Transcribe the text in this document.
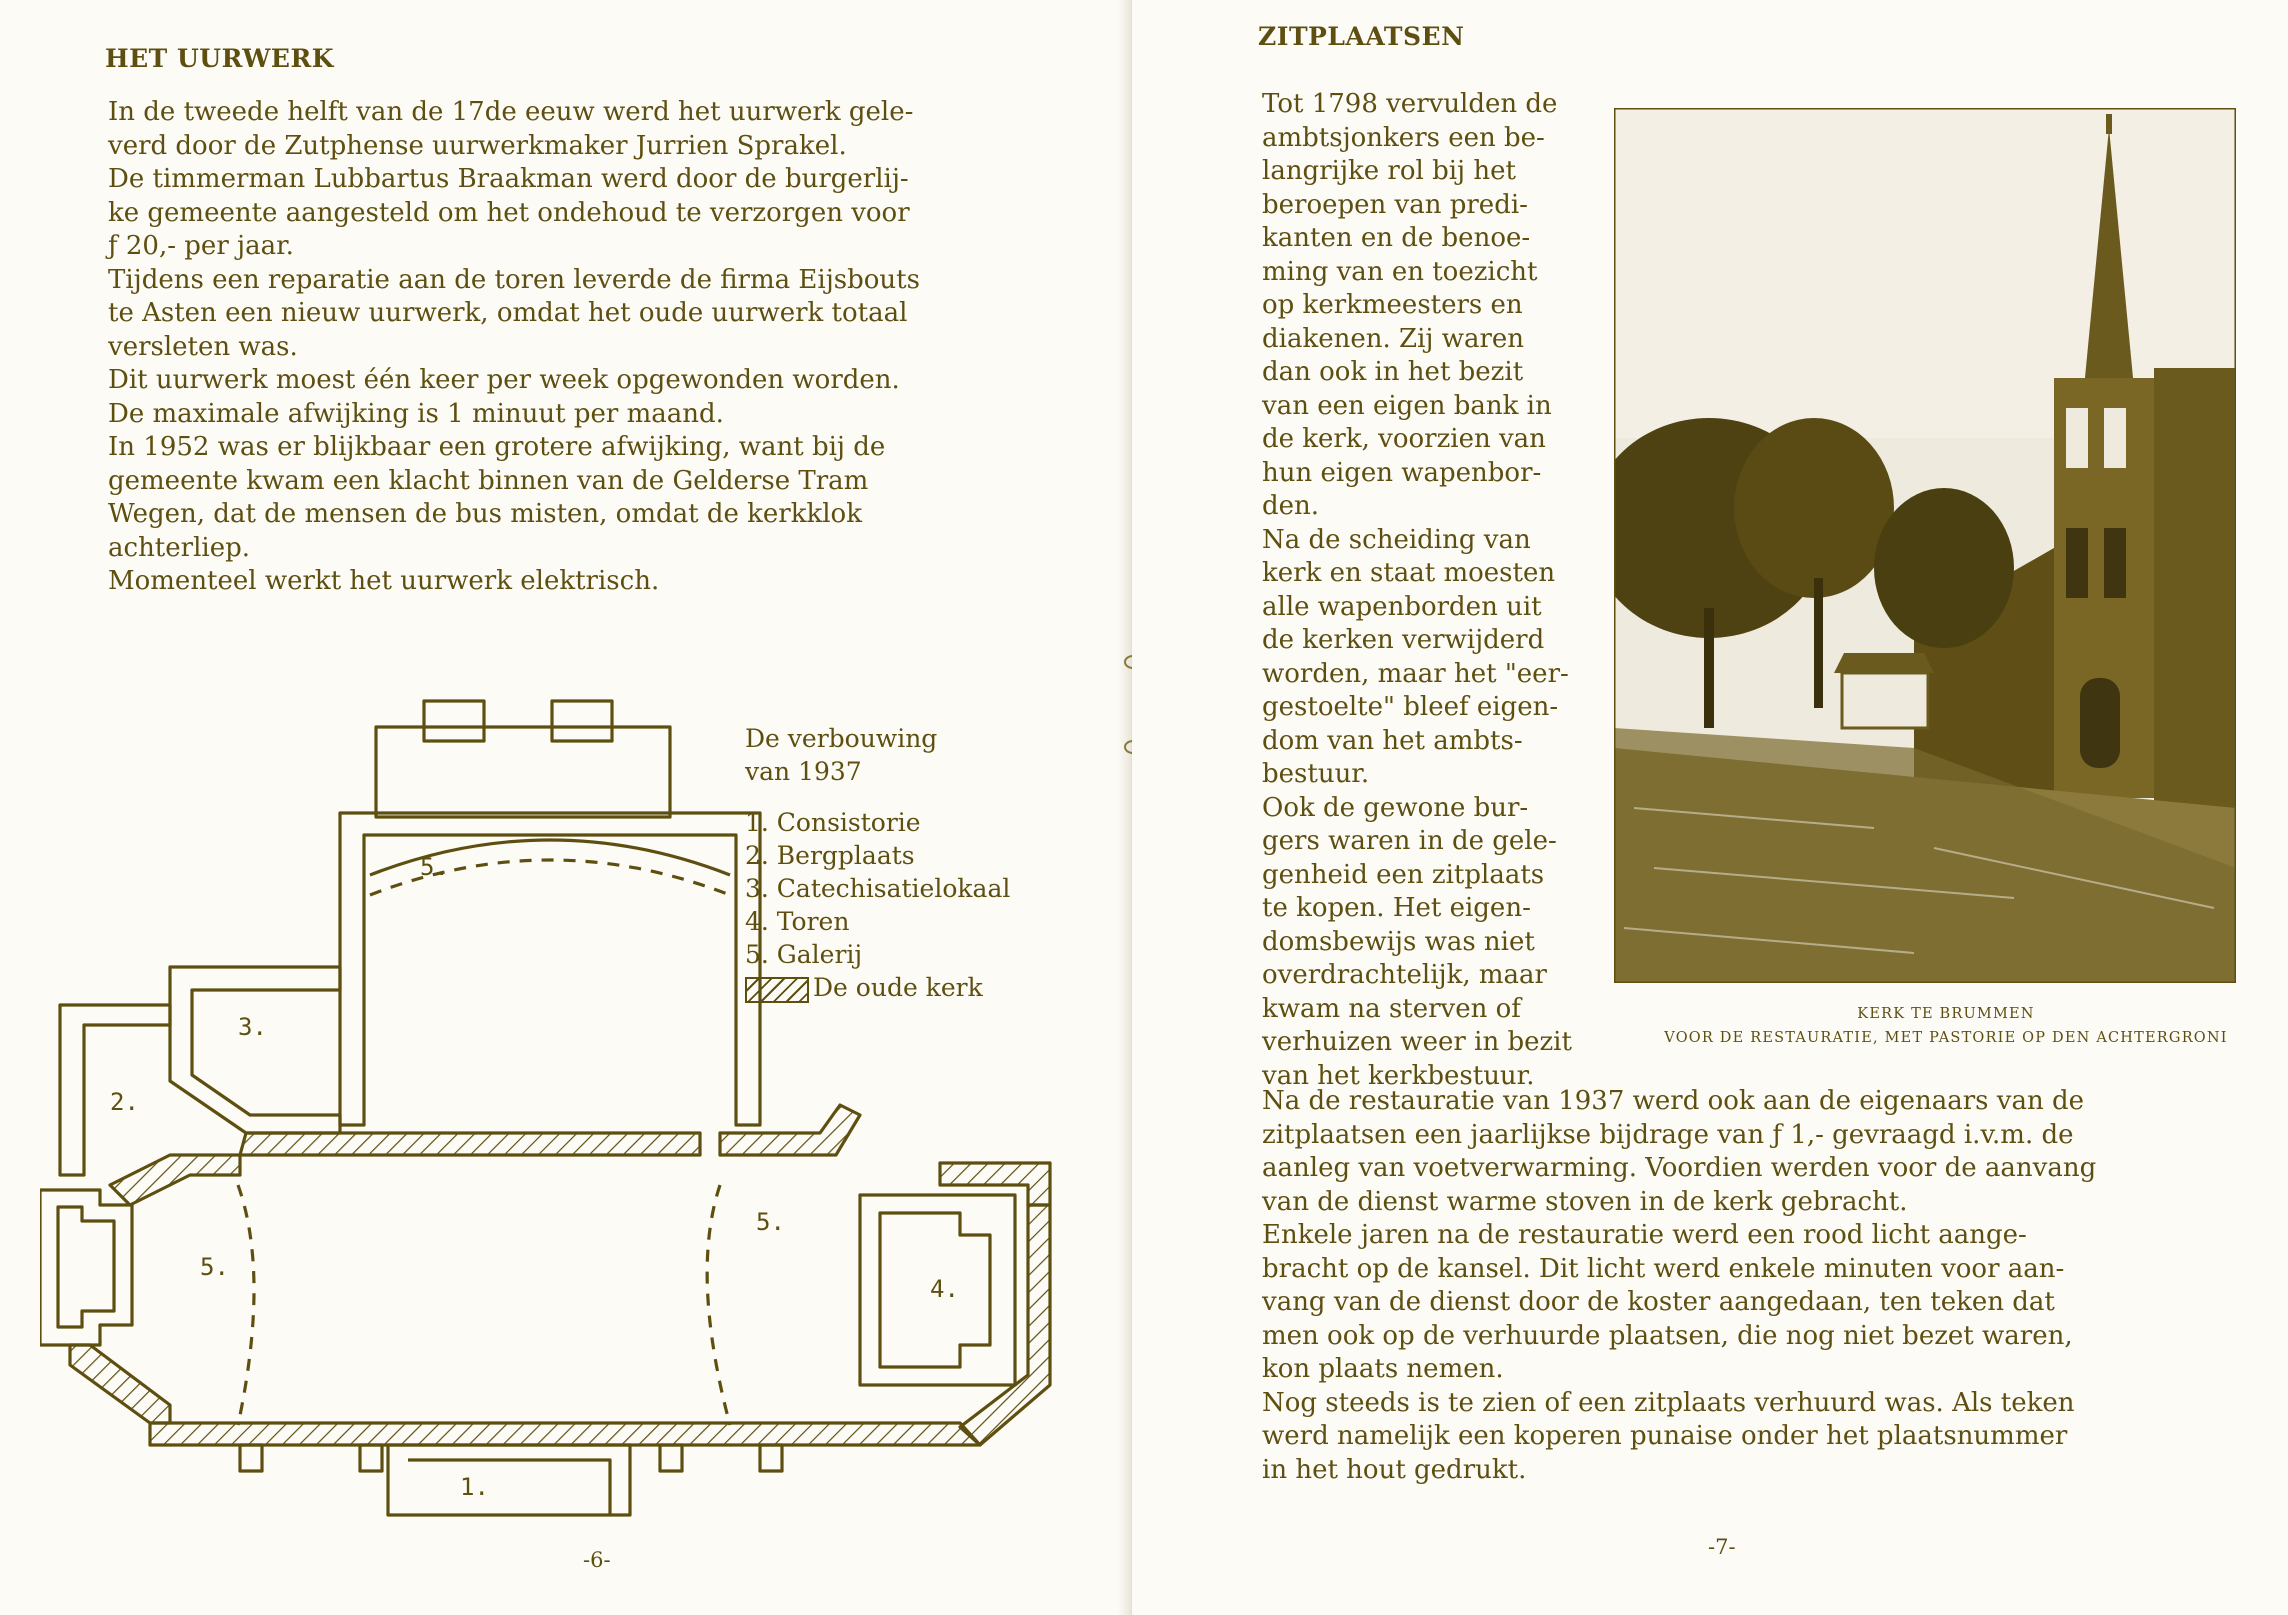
HET UURWERK

In de tweede helft van de 17de eeuw werd het uurwerk gele-

verd door de Zutphense uurwerkmaker Jurrien Sprakel.

De timmerman Lubbartus Braakman werd door de burgerlij-

ke gemeente aangesteld om het ondehoud te verzorgen voor

ƒ 20,- per jaar.

Tijdens een reparatie aan de toren leverde de firma Eijsbouts

te Asten een nieuw uurwerk, omdat het oude uurwerk totaal

versleten was.

Dit uurwerk moest één keer per week opgewonden worden.

De maximale afwijking is 1 minuut per maand.

In 1952 was er blijkbaar een grotere afwijking, want bij de

gemeente kwam een klacht binnen van de Gelderse Tram

Wegen, dat de mensen de bus misten, omdat de kerkklok

achterliep.

Momenteel werkt het uurwerk elektrisch.

1.
2.
3.
4.
5.
5.
5.
De verbouwing
van 1937
1. Consistorie
2. Bergplaats
3. Catechisatielokaal
4. Toren
5. Galerij
De oude kerk
-6-
ZITPLAATSEN

Tot 1798 vervulden de

ambtsjonkers een be-

langrijke rol bij het

beroepen van predi-

kanten en de benoe-

ming van en toezicht

op kerkmeesters en

diakenen. Zij waren

dan ook in het bezit

van een eigen bank in

de kerk, voorzien van

hun eigen wapenbor-

den.

Na de scheiding van

kerk en staat moesten

alle wapenborden uit

de kerken verwijderd

worden, maar het "eer-

gestoelte" bleef eigen-

dom van het ambts-

bestuur.

Ook de gewone bur-

gers waren in de gele-

genheid een zitplaats

te kopen. Het eigen-

domsbewijs was niet

overdrachtelijk, maar

kwam na sterven of

verhuizen weer in bezit

van het kerkbestuur.

KERK TE BRUMMEN
VOOR DE RESTAURATIE, MET PASTORIE OP DEN ACHTERGRONI

Na de restauratie van 1937 werd ook aan de eigenaars van de

zitplaatsen een jaarlijkse bijdrage van ƒ 1,- gevraagd i.v.m. de

aanleg van voetverwarming. Voordien werden voor de aanvang

van de dienst warme stoven in de kerk gebracht.

Enkele jaren na de restauratie werd een rood licht aange-

bracht op de kansel. Dit licht werd enkele minuten voor aan-

vang van de dienst door de koster aangedaan, ten teken dat

men ook op de verhuurde plaatsen, die nog niet bezet waren,

kon plaats nemen.

Nog steeds is te zien of een zitplaats verhuurd was. Als teken

werd namelijk een koperen punaise onder het plaatsnummer

in het hout gedrukt.

-7-
